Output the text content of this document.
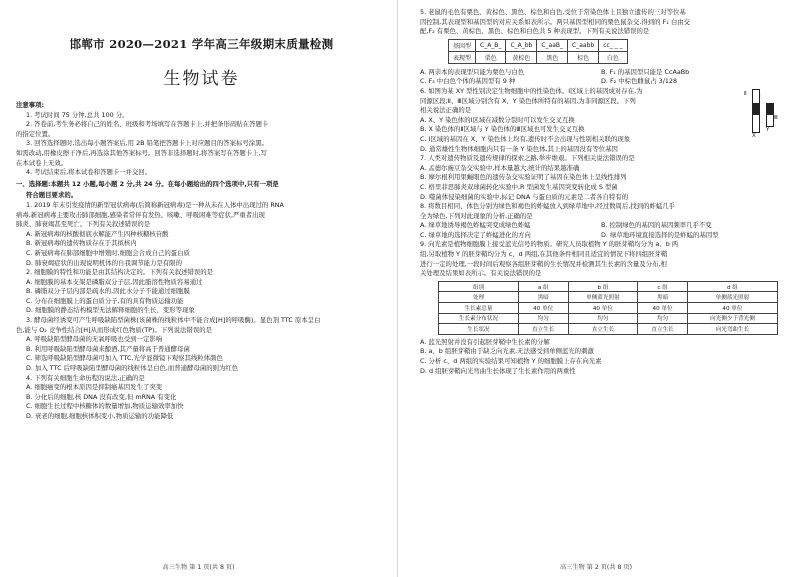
邯郸市 2020—2021 学年高三年级期末质量检测

生物试卷

注意事项:

1. 考试时间 75 分钟,总共 100 分。

2. 答卷前,考生务必将自己的姓名、班级和考场填写在答题卡上,并把条形码贴在答题卡

的指定位置。

3. 回答选择题时,选出每小题答案后,用 2B 铅笔把答题卡上对应题目的答案标号涂黑。

如需改动,用橡皮擦干净后,再选涂其他答案标号。回答非选择题时,将答案写在答题卡上,写

在本试卷上无效。

4. 考试结束后,将本试卷和答题卡一并交回。

一、选择题:本题共 12 小题,每小题 2 分,共 24 分。在每小题给出的四个选项中,只有一项是

符合题目要求的。

1. 2019 年末引发疫情的新型冠状病毒(后简称新冠病毒)是一种从未在人体中出现过的 RNA

病毒,新冠病毒主要攻击肺部细胞,感染者常伴有发热、咳嗽、呼吸困难等症状,严重者出现

肺炎、肺衰竭甚至死亡。下列有关叙述错误的是

A. 新冠病毒的核酸彻底水解能产生四种核糖核苷酸

B. 新冠病毒的遗传物质存在于其拟核内

C. 新冠病毒在肺部细胞中增殖时,细胞会合成自己的蛋白质

D. 肺衰竭症状的出现说明机体的自我调节能力是有限的

2. 细胞膜的特性和功能是由其结构决定的。下列有关叙述错误的是

A. 细胞膜的基本支架是磷脂双分子层,因此脂溶性物质容易通过

B. 磷脂双分子层内部是疏水的,因此水分子不能通过细胞膜

C. 分布在细胞膜上的蛋白质分子,有的具有物质运输功能

D. 细胞膜的静态结构模型无法解释细胞的生长、变形等现象

3. 酵母菌经诱变可产生呼吸缺陷型菌株(该菌株的线粒体中不能合成[H]的呼吸酶)。显色剂 TTC 原本呈白

色,能与 O₂ 竞争性结合[H]从而形成红色物质(TP)。下列说法错误的是

A. 呼吸缺陷型酵母菌的无氧呼吸也受到一定影响

B. 利用呼吸缺陷型酵母菌来酿酒,其产量将高于普通酵母菌

C. 筛选呼吸缺陷型酵母菌可加入 TTC,光学显微镜下观察其线粒体颜色

D. 加入 TTC 后呼吸缺陷型酵母菌的线粒体呈白色,而普通酵母菌的则为红色

4. 下列有关细胞生命历程的说法,正确的是

A. 细胞癌变的根本原因是抑制癌基因发生了突变

B. 分化后的细胞,核 DNA 没有改变,但 mRNA 有变化

C. 细胞生长过程中核糖体的数量增加,物质运输效率加快

D. 衰老的细胞,细胞核体积变小,物质运输的功能降低

高三生物 第 1 页(共 8 页)

5. 老鼠的毛色有栗色、黄棕色、黑色、棕色和白色,受位于常染色体上且独立遗传的三对等位基

因控制,其表现型和基因型的对应关系如表所示。两只基因型相同的栗色鼠杂交,得到的 F₁ 白由交

配,F₂ 有栗色、黄棕色、黑色、棕色和白色共 5 种表现型。下列有关说法错误的是

基因型	C_A_B_	C_A_bb	C_aaB_	C_aabb	cc_ _ _
表现型	栗色	黄棕色	黑色	棕色	白色
A. 两亲本的表现型只能为栗色与白色	B. F₁ 的基因型只能是 CcAaBb
C. F₂ 中白色个体的基因型有 9 种	D. F₂ 中棕色雌鼠占 3/128
Ⅱ Ⅰ
Ⅲ
X
Y

6. 如图为某 XY 型性别决定生物细胞中的性染色体。Ⅰ区域上的基因成对存在,为

同源区段;Ⅱ、Ⅲ区域分别含有 X、Y 染色体所特有的基因,为非同源区段。下列

相关说法正确的是

A. X、Y 染色体的Ⅰ区域在减数分裂时可以发生交叉互换

B. X 染色体的Ⅱ区域与 Y 染色体的Ⅲ区域也可发生交叉互换

C. Ⅰ区域的基因在 X、Y 染色体上均有,遗传时不会出现与性别相关联的现象

D. 通常雄性生物体细胞内只有一条 Y 染色体,其上的基因没有等位基因

7. 人类对遗传物质及遗传规律的探索之路,举步维艰。下列相关说法错误的是

A. 孟德尔豌豆杂交实验中,样本量越大,统计的结果越准确

B. 摩尔根利用果蝇眼色的遗传杂交实验证明了基因在染色体上呈线性排列

C. 格里菲思肺炎双球菌转化实验中,R 型菌发生基因突变转化成 S 型菌

D. 噬菌体侵染细菌的实验中,标记 DNA 与蛋白质的元素是二者各自特有的

8. 将数目相同、体色分别为绿色和褐色的蚱蜢放入到绿草地中,经过数周后,找到的蚱蜢几乎

全为绿色,下列对此现象的分析,正确的是

A. 绿草地诱导褐色蚱蜢突变成绿色蚱蜢	B. 控制绿色的基因的基因频率几乎不变
C. 绿草地的选择决定了蚱蜢进化的方向	D. 绿草地环境直接选择的是蚱蜢的基因型

9. 向光素是植物细胞膜上接受蓝光信号的物质。研究人员取植物 Y 的胚芽鞘均分为 a、b 两

组,另取植物 Y 的胚芽鞘均分为 c、d 两组,在其他条件相同且适宜的情况下将四组胚芽鞘

进行一定的处理,一段时间后观察各组胚芽鞘的生长情况并检测其生长素的含量及分布,相

关处理及结果如表所示。有关说法错误的是

组别	a 组	b 组	c 组	d 组
处理	黑暗	单侧蓝光照射	黑暗	单侧蓝光照射
生长素总量	40 单位	40 单位	40 单位	40 单位
生长素分布状况	均匀	均匀	均匀	向光侧少于背光侧
生长状况	直立生长	直立生长	直立生长	向光弯曲生长

A. 蓝光照射并没有引起胚芽鞘中生长素的分解

B. a、b 组胚芽鞘由于缺乏向光素,无法感受到单侧蓝光的刺激

C. 分析 c、d 两组的实验结果可知植物 Y 的细胞膜上存在向光素

D. d 组胚芽鞘向光弯曲生长体现了生长素作用的两重性

高三生物 第 2 页(共 8 页)
